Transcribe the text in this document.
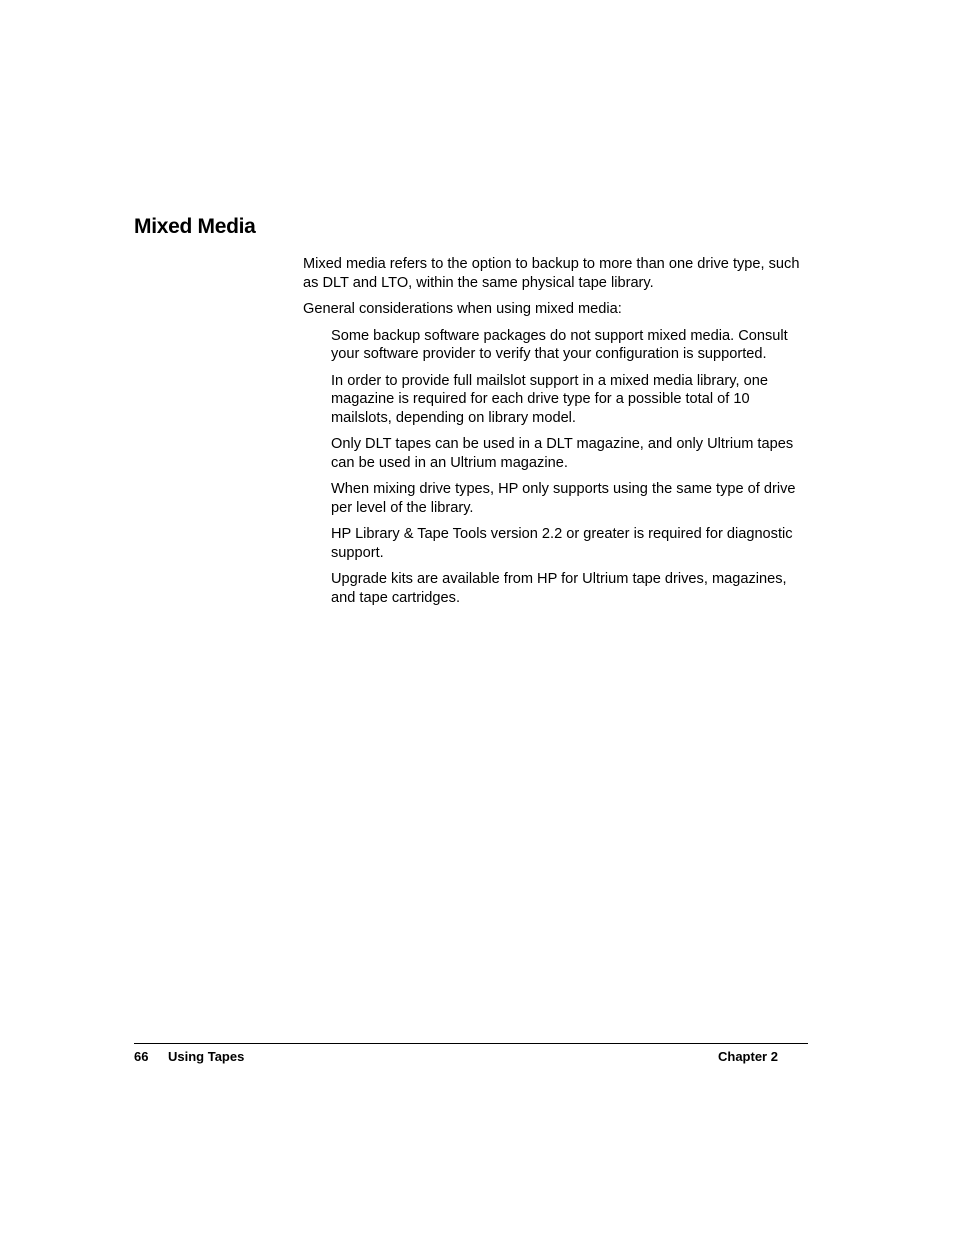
Mixed Media

Mixed media refers to the option to backup to more than one drive type, such as DLT and LTO, within the same physical tape library.

General considerations when using mixed media:

Some backup software packages do not support mixed media. Consult your software provider to verify that your configuration is supported.
In order to provide full mailslot support in a mixed media library, one magazine is required for each drive type for a possible total of 10 mailslots, depending on library model.
Only DLT tapes can be used in a DLT magazine, and only Ultrium tapes can be used in an Ultrium magazine.
When mixing drive types, HP only supports using the same type of drive per level of the library.
HP Library & Tape Tools version 2.2 or greater is required for diagnostic support.
Upgrade kits are available from HP for Ultrium tape drives, magazines, and tape cartridges.
66 Using Tapes	Chapter 2
